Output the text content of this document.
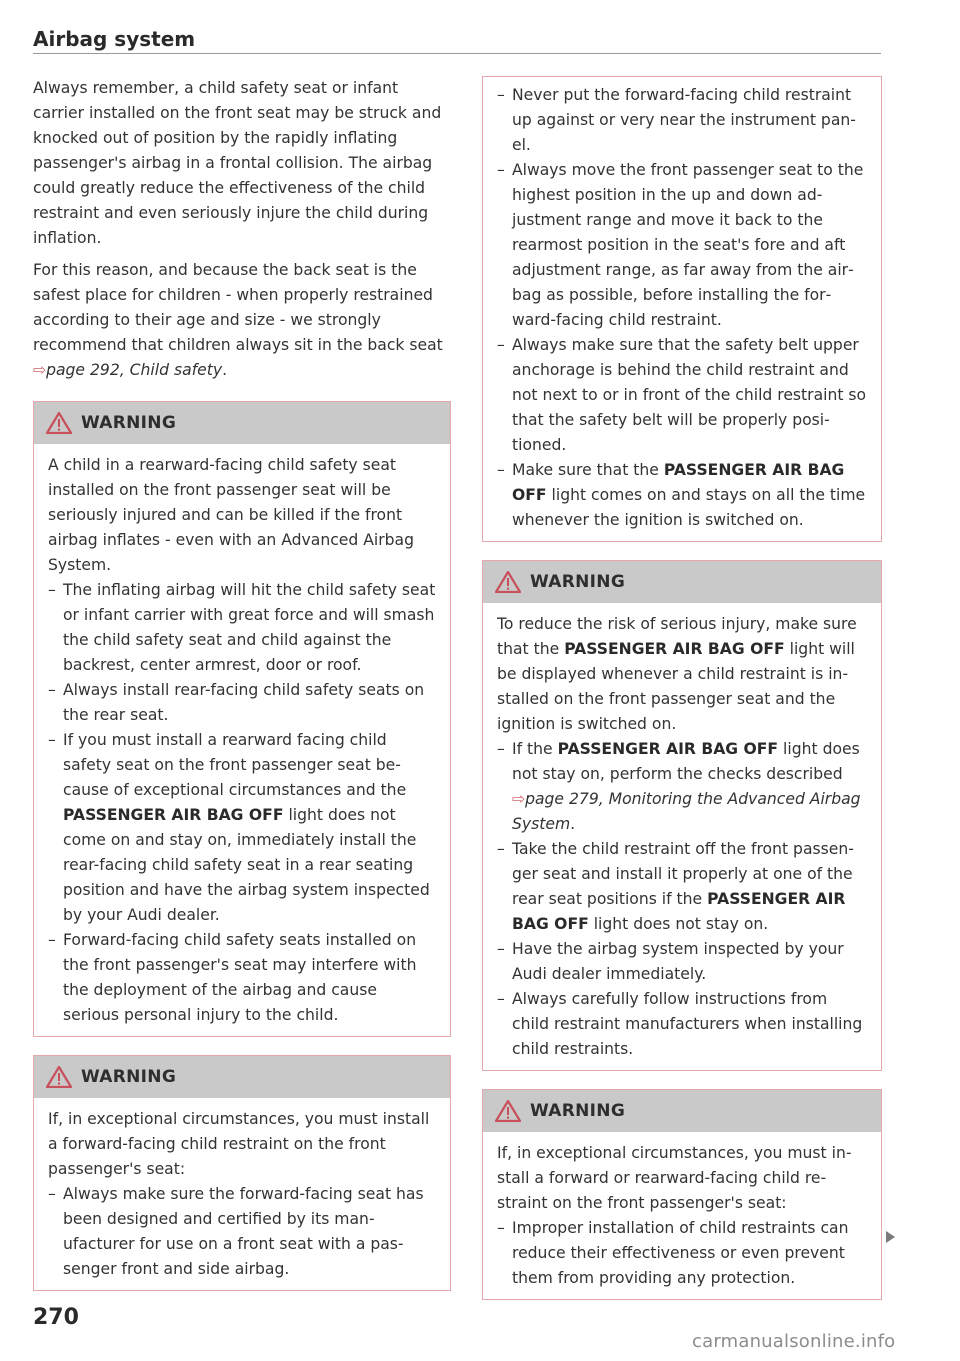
Airbag system

Always remember, a child safety seat or infant carrier installed on the front seat may be struck and knocked out of position by the rapidly inflating passenger's airbag in a frontal collision. The airbag could greatly reduce the effectiveness of the child restraint and even seriously injure the child during inflation.

For this reason, and because the back seat is the safest place for children - when properly restrained according to their age and size - we strongly recommend that children always sit in the back seat ⇨page 292, Child safety.

WARNING

A child in a rearward-facing child safety seat installed on the front passenger seat will be seriously injured and can be killed if the front airbag inflates - even with an Advanced Airbag System.

– The inflating airbag will hit the child safety seat or infant carrier with great force and will smash the child safety seat and child against the backrest, center armrest, door or roof.
– Always install rear-facing child safety seats on the rear seat.
– If you must install a rearward facing child safety seat on the front passenger seat because of exceptional circumstances and the PASSENGER AIR BAG OFF light does not come on and stay on, immediately install the rear-facing child safety seat in a rear seating position and have the airbag system inspected by your Audi dealer.
– Forward-facing child safety seats installed on the front passenger's seat may interfere with the deployment of the airbag and cause serious personal injury to the child.
WARNING

If, in exceptional circumstances, you must install a forward-facing child restraint on the front passenger's seat:

– Always make sure the forward-facing seat has been designed and certified by its manufacturer for use on a front seat with a passenger front and side airbag.
– Never put the forward-facing child restraint up against or very near the instrument panel.
– Always move the front passenger seat to the highest position in the up and down adjustment range and move it back to the rearmost position in the seat's fore and aft adjustment range, as far away from the airbag as possible, before installing the forward-facing child restraint.
– Always make sure that the safety belt upper anchorage is behind the child restraint and not next to or in front of the child restraint so that the safety belt will be properly positioned.
– Make sure that the PASSENGER AIR BAG OFF light comes on and stays on all the time whenever the ignition is switched on.
WARNING

To reduce the risk of serious injury, make sure that the PASSENGER AIR BAG OFF light will be displayed whenever a child restraint is installed on the front passenger seat and the ignition is switched on.

– If the PASSENGER AIR BAG OFF light does not stay on, perform the checks described ⇨page 279, Monitoring the Advanced Airbag System.
– Take the child restraint off the front passenger seat and install it properly at one of the rear seat positions if the PASSENGER AIR BAG OFF light does not stay on.
– Have the airbag system inspected by your Audi dealer immediately.
– Always carefully follow instructions from child restraint manufacturers when installing child restraints.
WARNING

If, in exceptional circumstances, you must install a forward or rearward-facing child restraint on the front passenger's seat:

– Improper installation of child restraints can reduce their effectiveness or even prevent them from providing any protection.
270
carmanualsonline.info
